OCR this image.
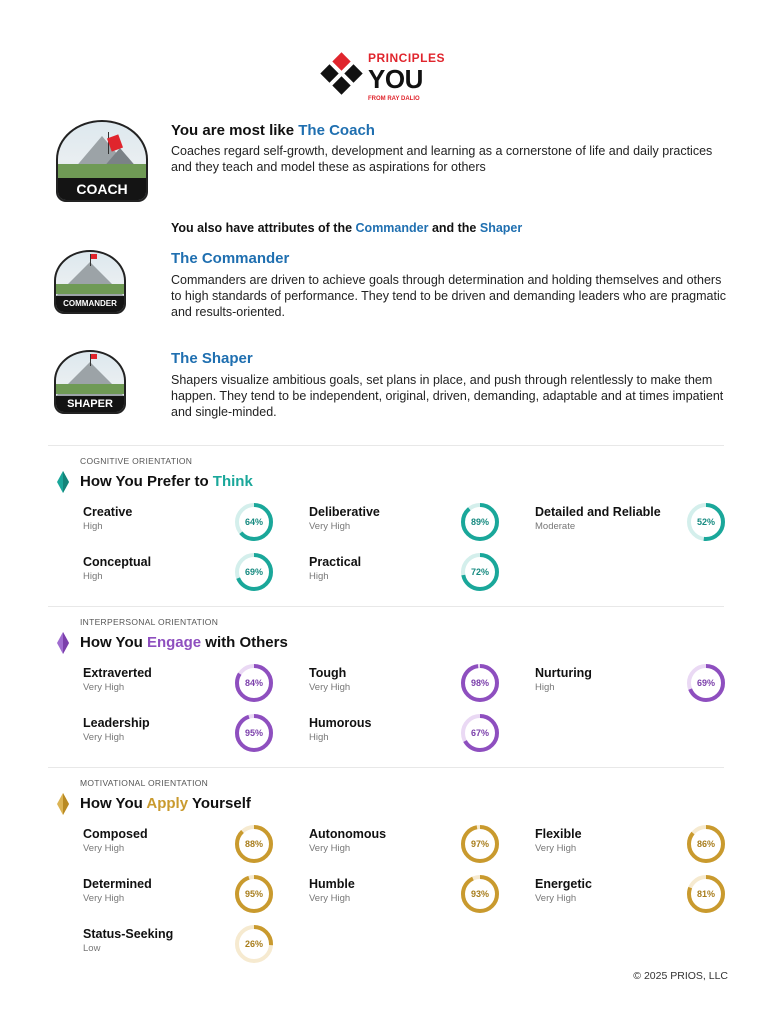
PRINCIPLES
YOU
FROM RAY DALIO
COACH
You are most like The Coach
Coaches regard self-growth, development and learning as a cornerstone of life and daily practices and they teach and model these as aspirations for others
You also have attributes of the Commander and the Shaper
COMMANDER
The Commander
Commanders are driven to achieve goals through determination and holding themselves and others to high standards of performance. They tend to be driven and demanding leaders who are pragmatic and results-oriented.
SHAPER
The Shaper
Shapers visualize ambitious goals, set plans in place, and push through relentlessly to make them happen. They tend to be independent, original, driven, demanding, adaptable and at times impatient and single-minded.
COGNITIVE ORIENTATION
How You Prefer to Think
INTERPERSONAL ORIENTATION
How You Engage with Others
MOTIVATIONAL ORIENTATION
How You Apply Yourself
Creative
High	64%
Deliberative
Very High	89%
Detailed and Reliable
Moderate	52%
Conceptual
High	69%
Practical
High	72%
Extraverted
Very High	84%
Tough
Very High	98%
Nurturing
High	69%
Leadership
Very High	95%
Humorous
High	67%
Composed
Very High	88%
Autonomous
Very High	97%
Flexible
Very High	86%
Determined
Very High	95%
Humble
Very High	93%
Energetic
Very High	81%
Status-Seeking
Low	26%
© 2025 PRIOS, LLC
